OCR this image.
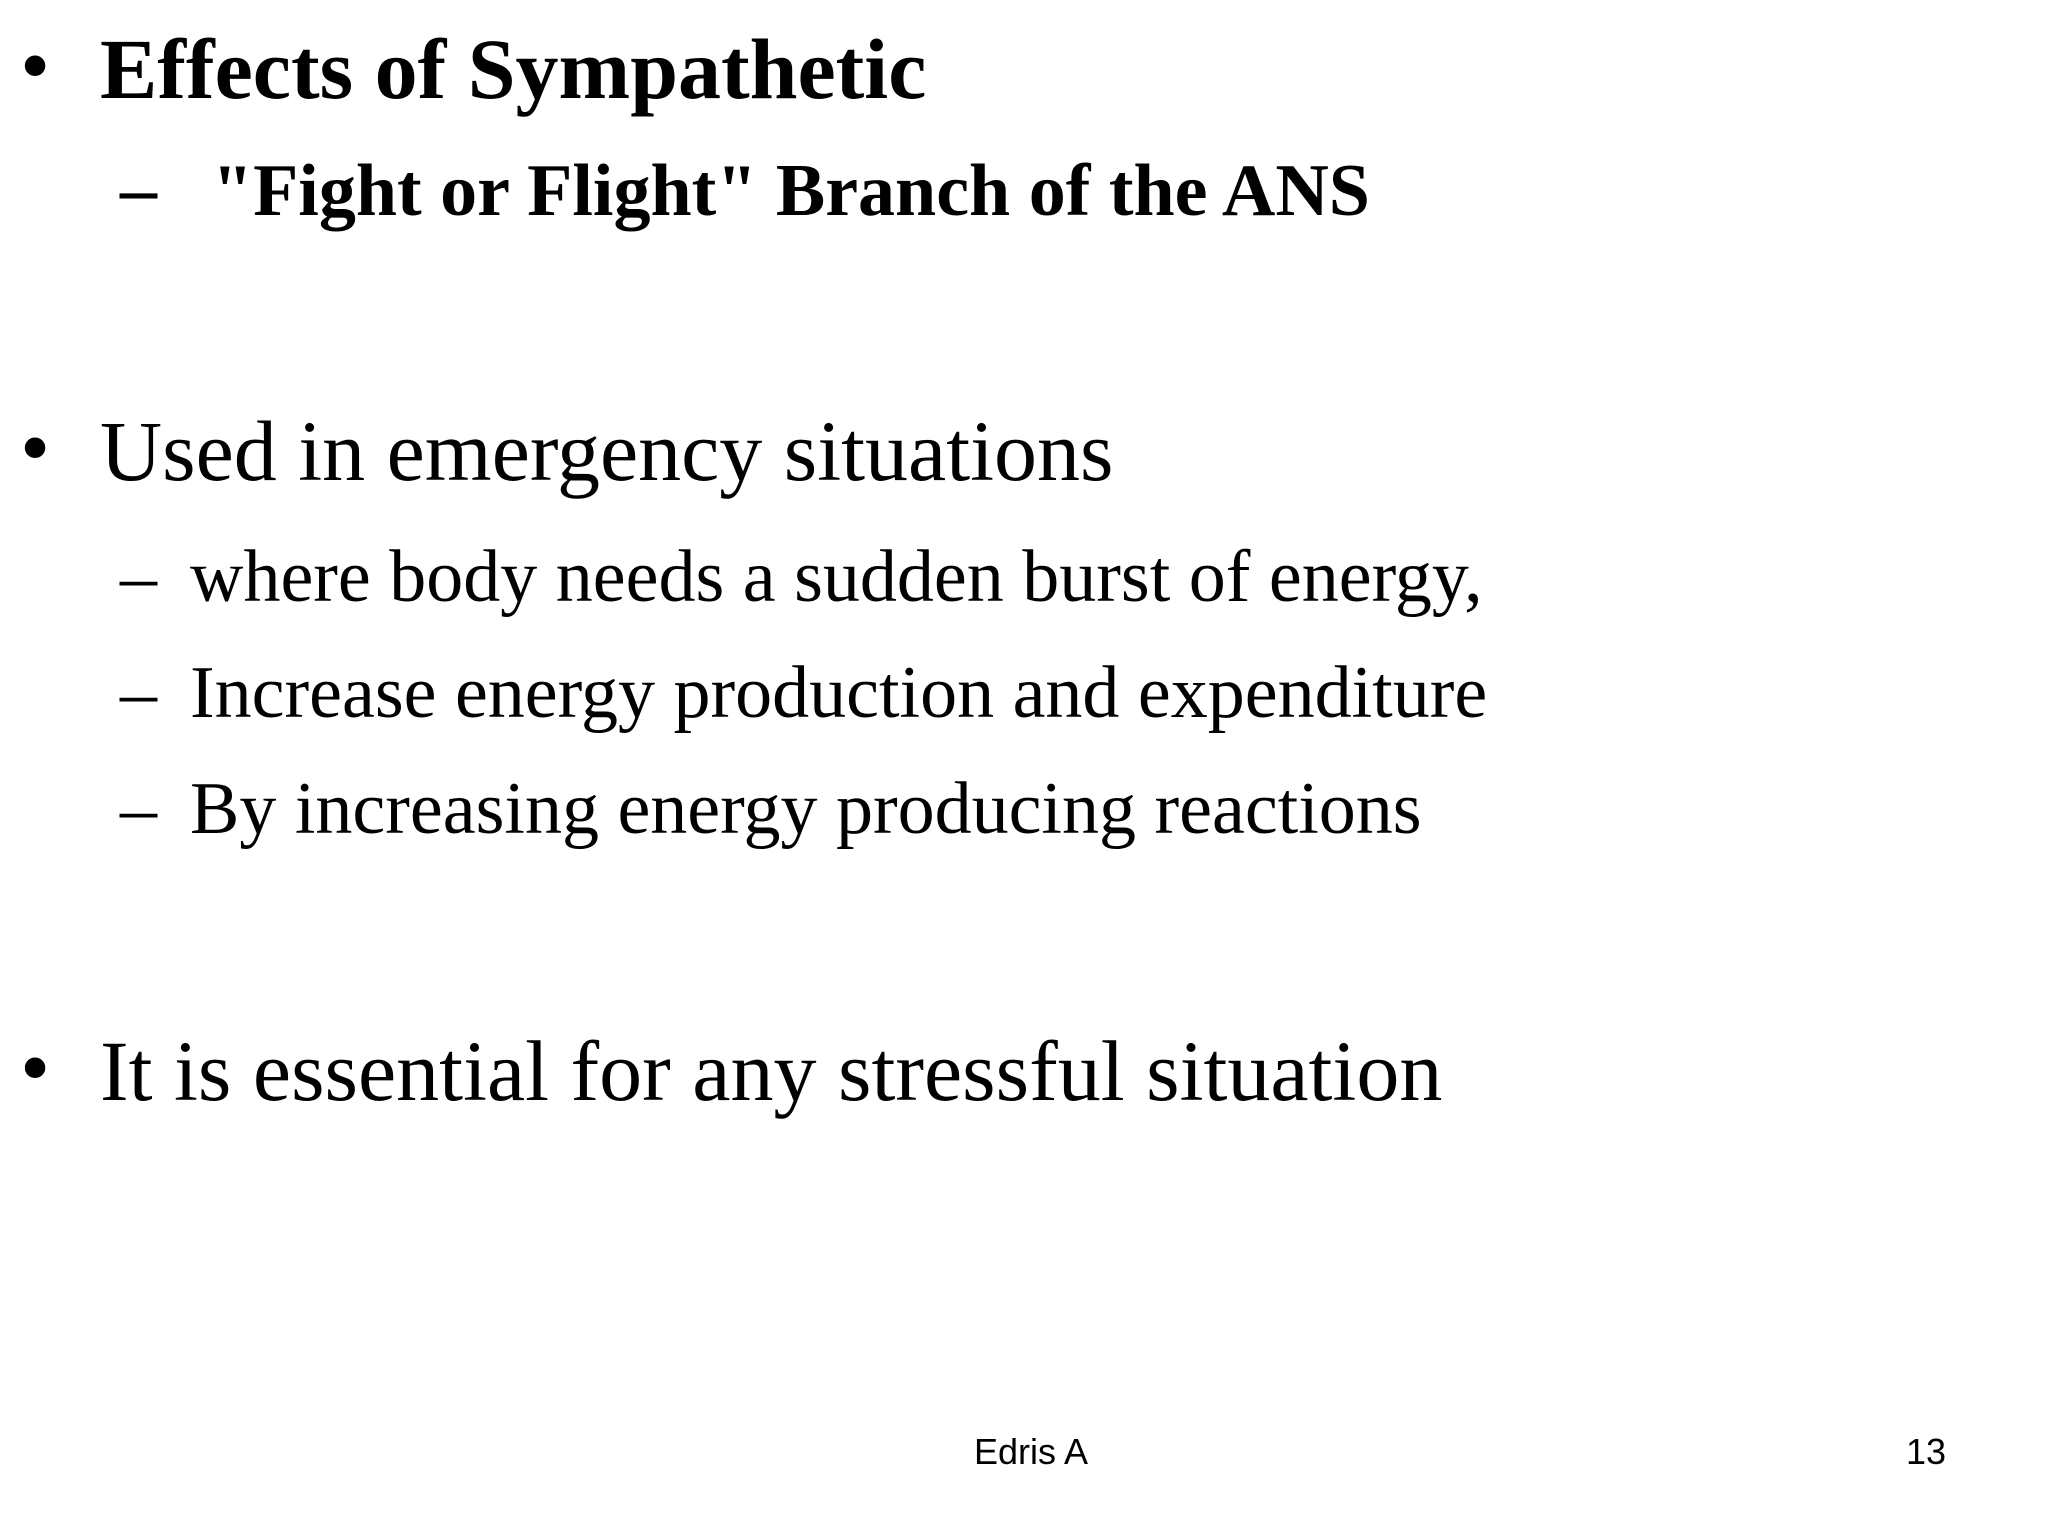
• Effects of Sympathetic
– "Fight or Flight" Branch of the ANS
• Used in emergency situations
– where body needs a sudden burst of energy,
– Increase energy production and expenditure
– By increasing energy producing reactions
• It is essential for any stressful situation
Edris A	13
